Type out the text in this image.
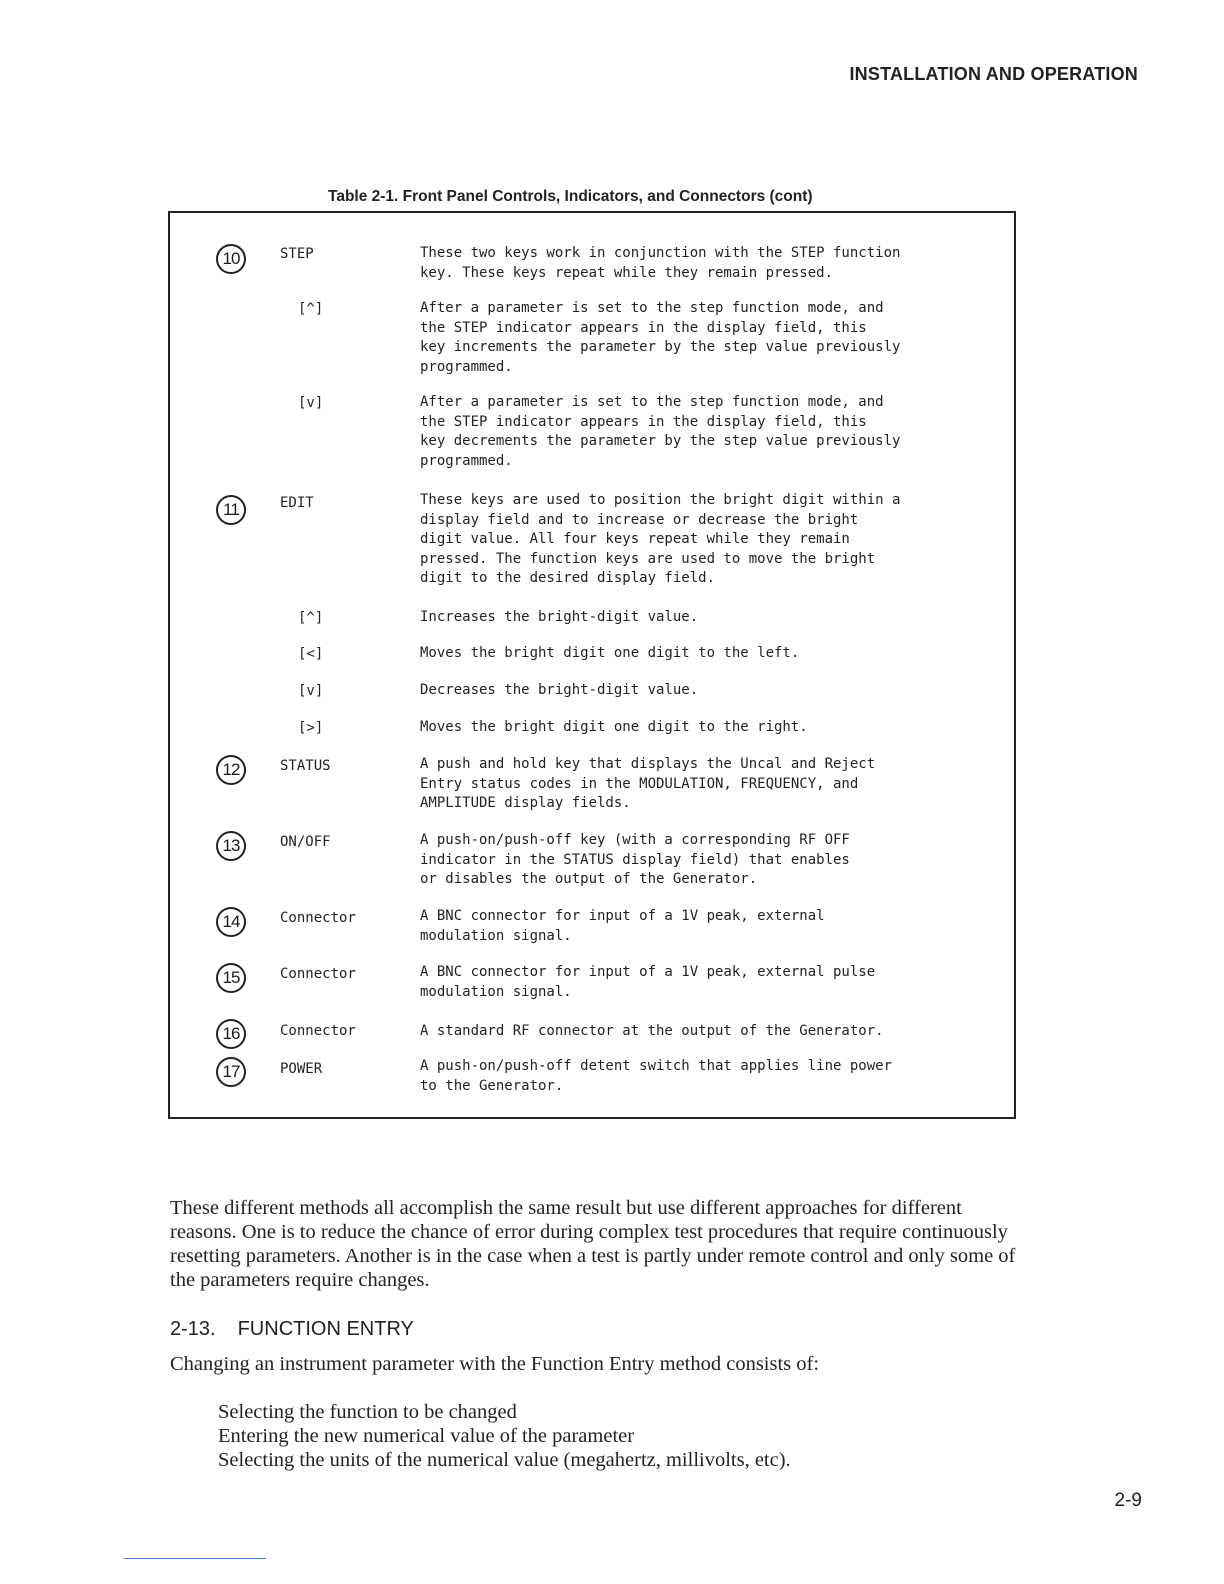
INSTALLATION AND OPERATION
Table 2-1. Front Panel Controls, Indicators, and Connectors (cont)
10	STEP	These two keys work in conjunction with the STEP function
key. These keys repeat while they remain pressed.
[^]	After a parameter is set to the step function mode, and
the STEP indicator appears in the display field, this
key increments the parameter by the step value previously
programmed.
[v]	After a parameter is set to the step function mode, and
the STEP indicator appears in the display field, this
key decrements the parameter by the step value previously
programmed.
11	EDIT	These keys are used to position the bright digit within a
display field and to increase or decrease the bright
digit value. All four keys repeat while they remain
pressed. The function keys are used to move the bright
digit to the desired display field.
[^]	Increases the bright-digit value.
[<]	Moves the bright digit one digit to the left.
[v]	Decreases the bright-digit value.
[>]	Moves the bright digit one digit to the right.
12	STATUS	A push and hold key that displays the Uncal and Reject
Entry status codes in the MODULATION, FREQUENCY, and
AMPLITUDE display fields.
13	ON/OFF	A push-on/push-off key (with a corresponding RF OFF
indicator in the STATUS display field) that enables
or disables the output of the Generator.
14	Connector	A BNC connector for input of a 1V peak, external
modulation signal.
15	Connector	A BNC connector for input of a 1V peak, external pulse
modulation signal.
16	Connector	A standard RF connector at the output of the Generator.
17	POWER	A push-on/push-off detent switch that applies line power
to the Generator.
These different methods all accomplish the same result but use different approaches for different reasons. One is to reduce the chance of error during complex test procedures that require continuously resetting parameters. Another is in the case when a test is partly under remote control and only some of the parameters require changes.
2-13. FUNCTION ENTRY
Changing an instrument parameter with the Function Entry method consists of:
Selecting the function to be changed
Entering the new numerical value of the parameter
Selecting the units of the numerical value (megahertz, millivolts, etc).
2-9
